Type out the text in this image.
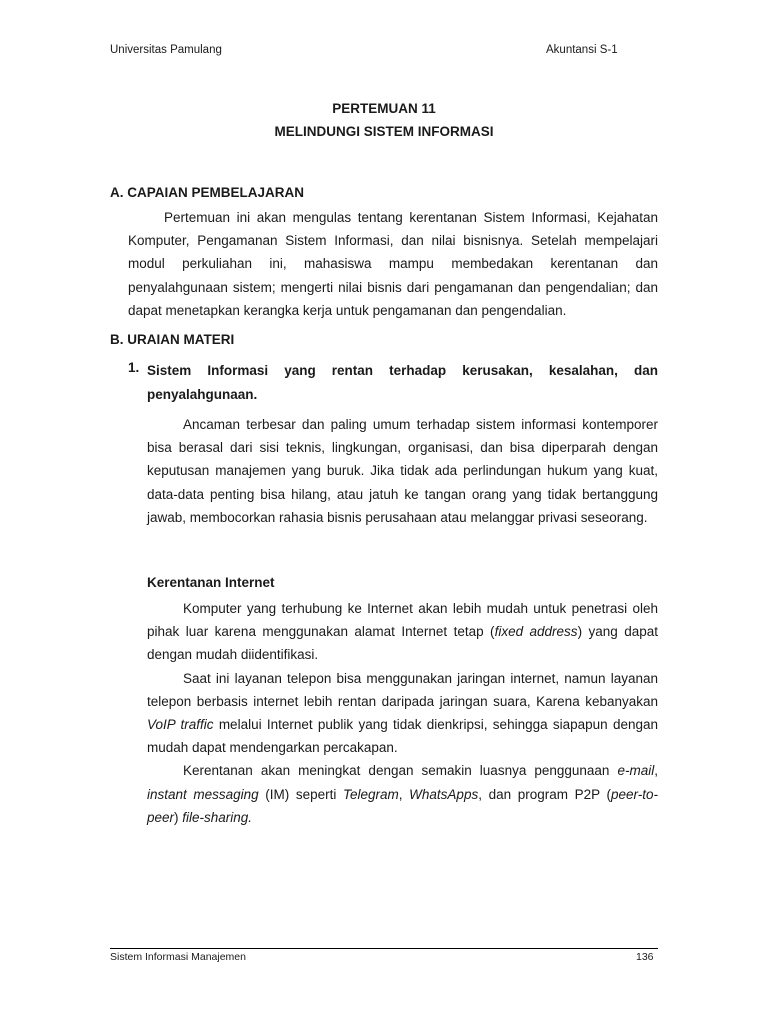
Universitas Pamulang	Akuntansi S-1
PERTEMUAN 11
MELINDUNGI SISTEM INFORMASI
A. CAPAIAN PEMBELAJARAN

Pertemuan ini akan mengulas tentang kerentanan Sistem Informasi, Kejahatan Komputer, Pengamanan Sistem Informasi, dan nilai bisnisnya. Setelah mempelajari modul perkuliahan ini, mahasiswa mampu membedakan kerentanan dan penyalahgunaan sistem; mengerti nilai bisnis dari pengamanan dan pengendalian; dan dapat menetapkan kerangka kerja untuk pengamanan dan pengendalian.

B. URAIAN MATERI
1. Sistem Informasi yang rentan terhadap kerusakan, kesalahan, dan penyalahgunaan.

Ancaman terbesar dan paling umum terhadap sistem informasi kontemporer bisa berasal dari sisi teknis, lingkungan, organisasi, dan bisa diperparah dengan keputusan manajemen yang buruk. Jika tidak ada perlindungan hukum yang kuat, data-data penting bisa hilang, atau jatuh ke tangan orang yang tidak bertanggung jawab, membocorkan rahasia bisnis perusahaan atau melanggar privasi seseorang.

Kerentanan Internet

Komputer yang terhubung ke Internet akan lebih mudah untuk penetrasi oleh pihak luar karena menggunakan alamat Internet tetap (fixed address) yang dapat dengan mudah diidentifikasi.

Saat ini layanan telepon bisa menggunakan jaringan internet, namun layanan telepon berbasis internet lebih rentan daripada jaringan suara, Karena kebanyakan VoIP traffic melalui Internet publik yang tidak dienkripsi, sehingga siapapun dengan mudah dapat mendengarkan percakapan.

Kerentanan akan meningkat dengan semakin luasnya penggunaan e-mail, instant messaging (IM) seperti Telegram, WhatsApps, dan program P2P (peer-to-peer) file-sharing.

Sistem Informasi Manajemen	136
